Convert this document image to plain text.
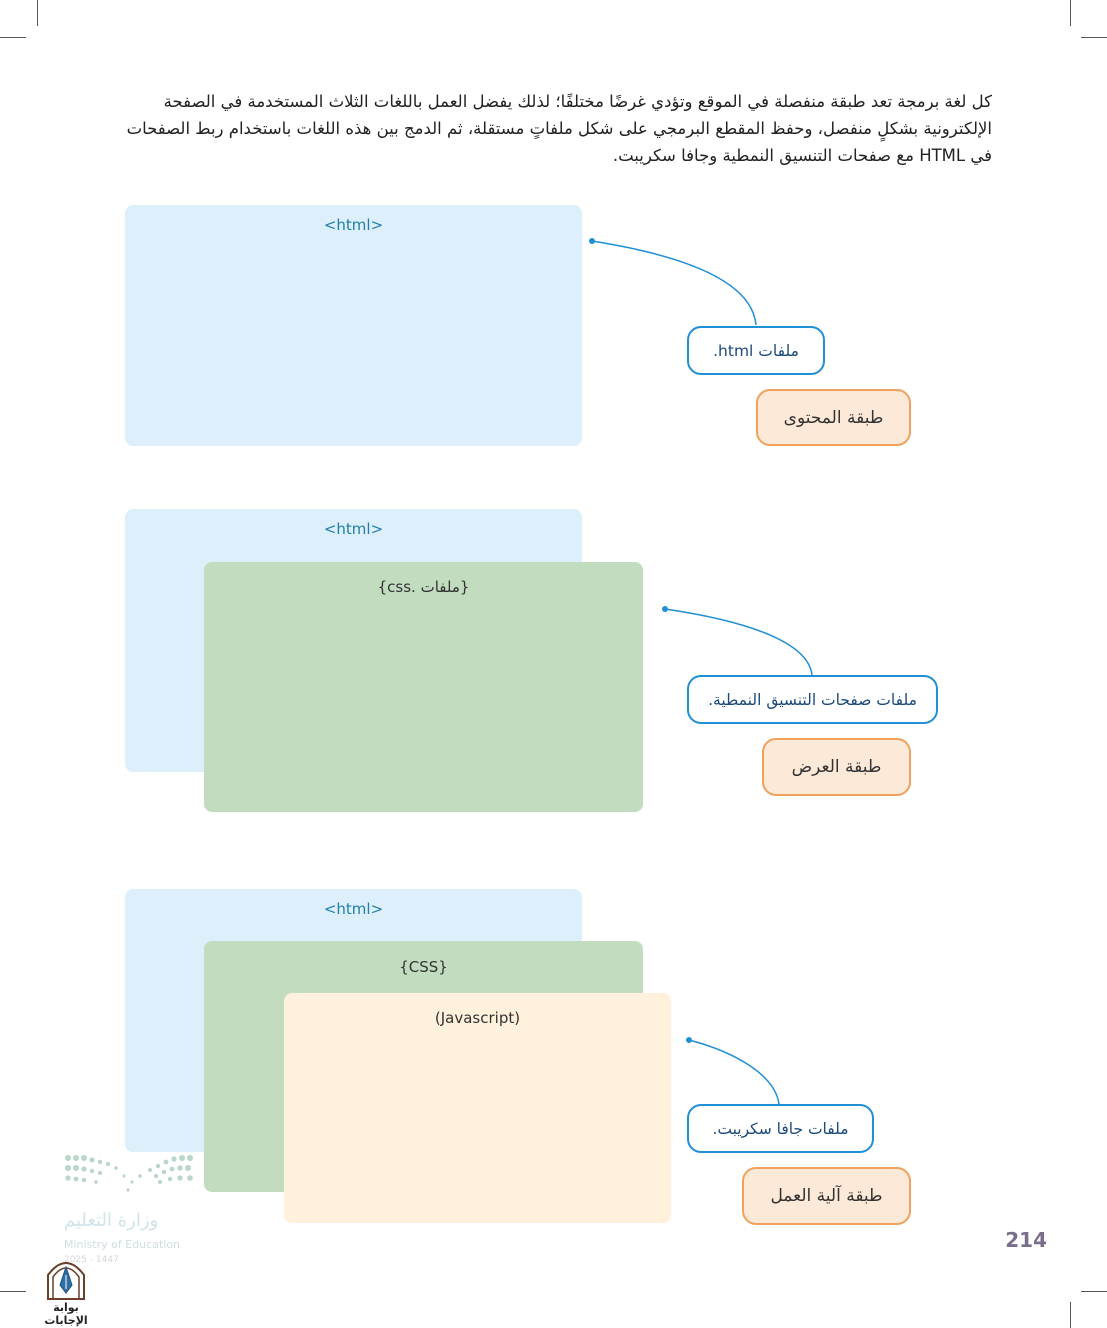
كل لغة برمجة تعد طبقة منفصلة في الموقع وتؤدي غرضًا مختلفًا؛ لذلك يفضل العمل باللغات الثلاث المستخدمة في الصفحة

الإلكترونية بشكلٍ منفصل، وحفظ المقطع البرمجي على شكل ملفاتٍ مستقلة، ثم الدمج بين هذه اللغات باستخدام ربط الصفحات

في HTML مع صفحات التنسيق النمطية وجافا سكريبت.

<html>
ملفات html.
طبقة المحتوى
<html>
{ملفات .css}
ملفات صفحات التنسيق النمطية.
طبقة العرض
<html>
{CSS}
(Javascript)
ملفات جافا سكريبت.
طبقة آلية العمل
214
وزارة التعليم
Ministry of Education
2025 - 1447
بوابة الإجابات
